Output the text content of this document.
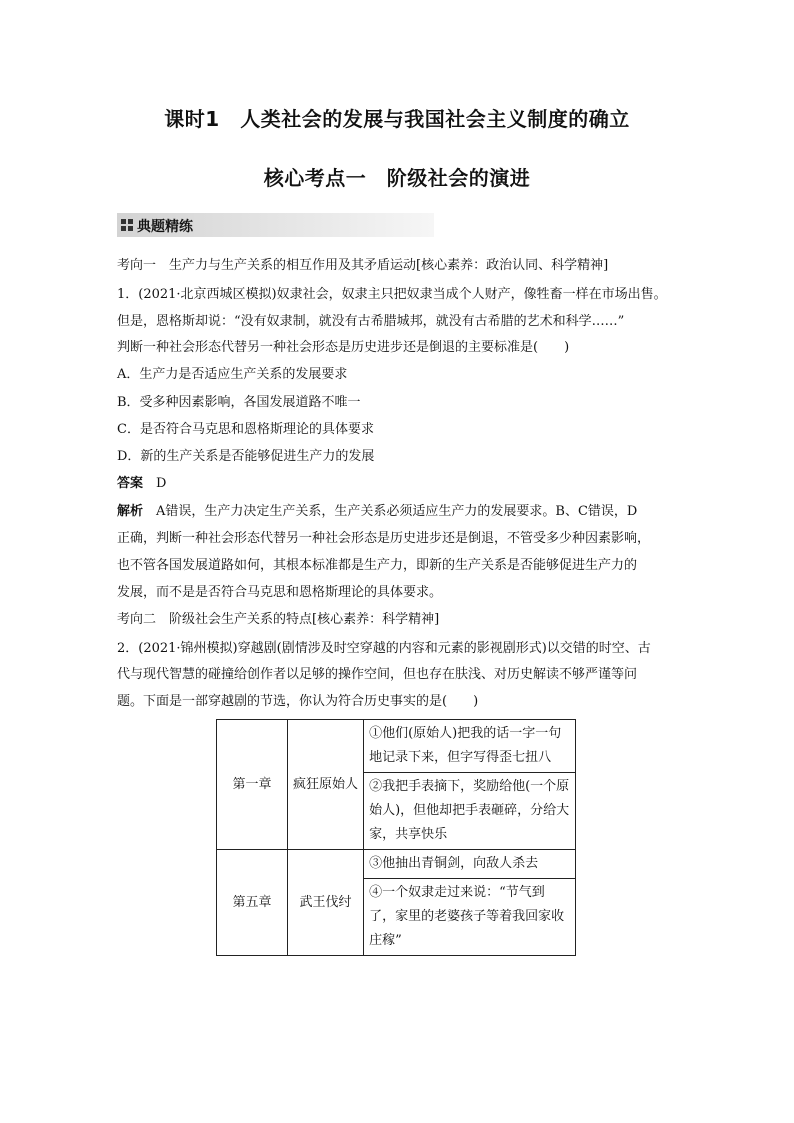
课时1　人类社会的发展与我国社会主义制度的确立
核心考点一　阶级社会的演进
典题精练
考向一　生产力与生产关系的相互作用及其矛盾运动[核心素养：政治认同、科学精神]
1．(2021·北京西城区模拟)奴隶社会，奴隶主只把奴隶当成个人财产，像牲畜一样在市场出售。
但是，恩格斯却说：“没有奴隶制，就没有古希腊城邦，就没有古希腊的艺术和科学……”
判断一种社会形态代替另一种社会形态是历史进步还是倒退的主要标准是(　　)
A．生产力是否适应生产关系的发展要求
B．受多种因素影响，各国发展道路不唯一
C．是否符合马克思和恩格斯理论的具体要求
D．新的生产关系是否能够促进生产力的发展
答案　 D
解析　 A错误，生产力决定生产关系，生产关系必须适应生产力的发展要求。B、C错误，D
正确，判断一种社会形态代替另一种社会形态是历史进步还是倒退，不管受多少种因素影响，
也不管各国发展道路如何，其根本标准都是生产力，即新的生产关系是否能够促进生产力的
发展，而不是是否符合马克思和恩格斯理论的具体要求。
考向二　阶级社会生产关系的特点[核心素养：科学精神]
2．(2021·锦州模拟)穿越剧(剧情涉及时空穿越的内容和元素的影视剧形式)以交错的时空、古
代与现代智慧的碰撞给创作者以足够的操作空间，但也存在肤浅、对历史解读不够严谨等问
题。下面是一部穿越剧的节选，你认为符合历史事实的是(　　)
第一章	疯狂原始人	①他们(原始人)把我的话一字一句地记录下来，但字写得歪七扭八
		②我把手表摘下，奖励给他(一个原始人)，但他却把手表砸碎，分给大家，共享快乐
第五章	武王伐纣	③他抽出青铜剑，向敌人杀去
		④一个奴隶走过来说：“节气到了，家里的老婆孩子等着我回家收庄稼”
